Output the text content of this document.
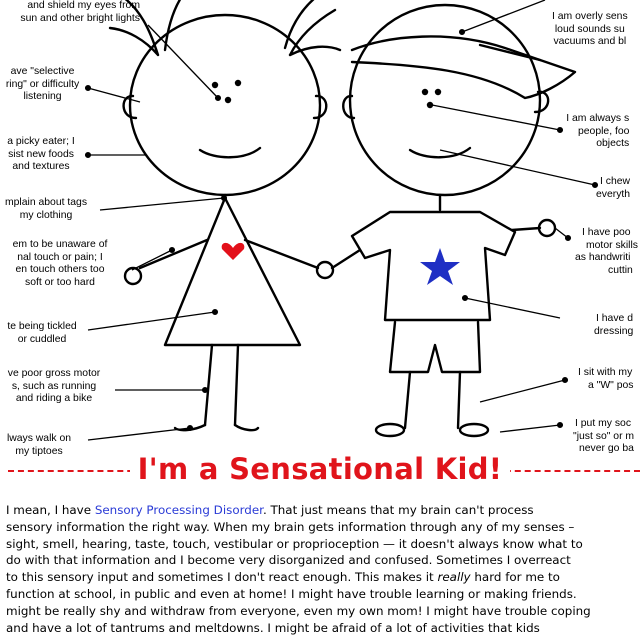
and shield my eyes from
sun and other bright lights
ave "selective
ring" or difficulty
listening
a picky eater; I
sist new foods
and textures
mplain about tags
my clothing
em to be unaware of
nal touch or pain; I
en touch others too
soft or too hard
te being tickled
or cuddled
ve poor gross motor
s, such as running
and riding a bike
lways walk on
my tiptoes
I am overly sens
loud sounds su
vacuums and bl
I am always s
people, foo
objects
I chew
everyth
I have poo
motor skills
as handwriti
cuttin
I have d
dressing
I sit with my
a "W" pos
I put my soc
"just so" or m
never go ba
I'm a Sensational Kid!
I mean, I have Sensory Processing Disorder. That just means that my brain can't process
sensory information the right way. When my brain gets information through any of my senses –
sight, smell, hearing, taste, touch, vestibular or proprioception — it doesn't always know what to
do with that information and I become very disorganized and confused. Sometimes I overreact
to this sensory input and sometimes I don't react enough. This makes it really hard for me to
function at school, in public and even at home! I might have trouble learning or making friends.
might be really shy and withdraw from everyone, even my own mom! I might have trouble coping
and have a lot of tantrums and meltdowns. I might be afraid of a lot of activities that kids
